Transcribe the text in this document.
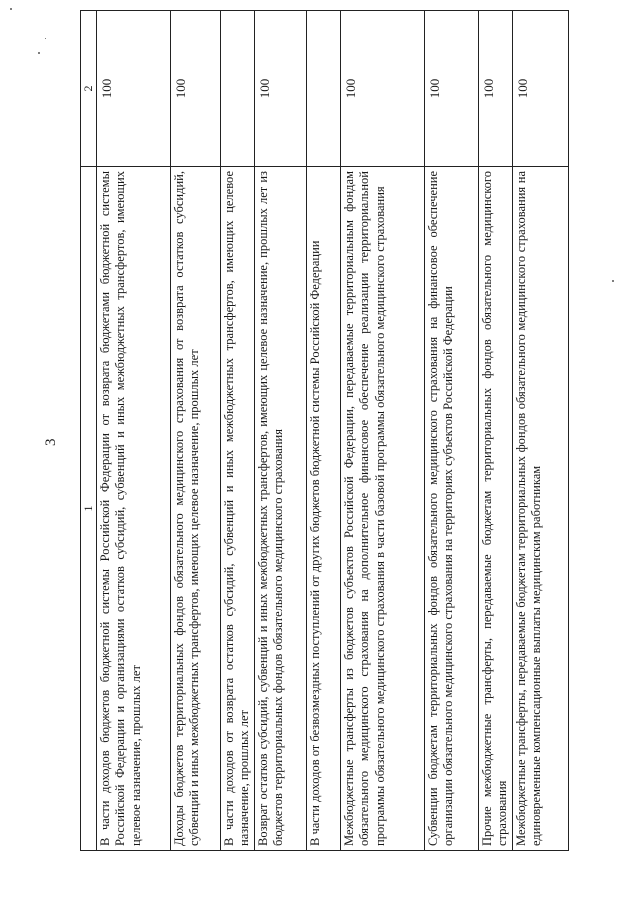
3
1	2
В части доходов бюджетов бюджетной системы Российской Федерации от возврата бюджетами бюджетной системы Российской Федерации и организациями остатков субсидий, субвенций и иных межбюджетных трансфертов, имеющих целевое назначение, прошлых лет	100
Доходы бюджетов территориальных фондов обязательного медицинского страхования от возврата остатков субсидий, субвенций и иных межбюджетных трансфертов, имеющих целевое назначение, прошлых лет	100
В части доходов от возврата остатков субсидий, субвенций и иных межбюджетных трансфертов, имеющих целевое назначение, прошлых лет	
Возврат остатков субсидий, субвенций и иных межбюджетных трансфертов, имеющих целевое назначение, прошлых лет из бюджетов территориальных фондов обязательного медицинского страхования	100
В части доходов от безвозмездных поступлений от других бюджетов бюджетной системы Российской Федерации	
Межбюджетные трансферты из бюджетов субъектов Российской Федерации, передаваемые территориальным фондам обязательного медицинского страхования на дополнительное финансовое обеспечение реализации территориальной программы обязательного медицинского страхования в части базовой программы обязательного медицинского страхования	100
Субвенции бюджетам территориальных фондов обязательного медицинского страхования на финансовое обеспечение организации обязательного медицинского страхования на территориях субъектов Российской Федерации	100
Прочие межбюджетные трансферты, передаваемые бюджетам территориальных фондов обязательного медицинского страхования	100
Межбюджетные трансферты, передаваемые бюджетам территориальных фондов обязательного медицинского страхования на единовременные компенсационные выплаты медицинским работникам	100
